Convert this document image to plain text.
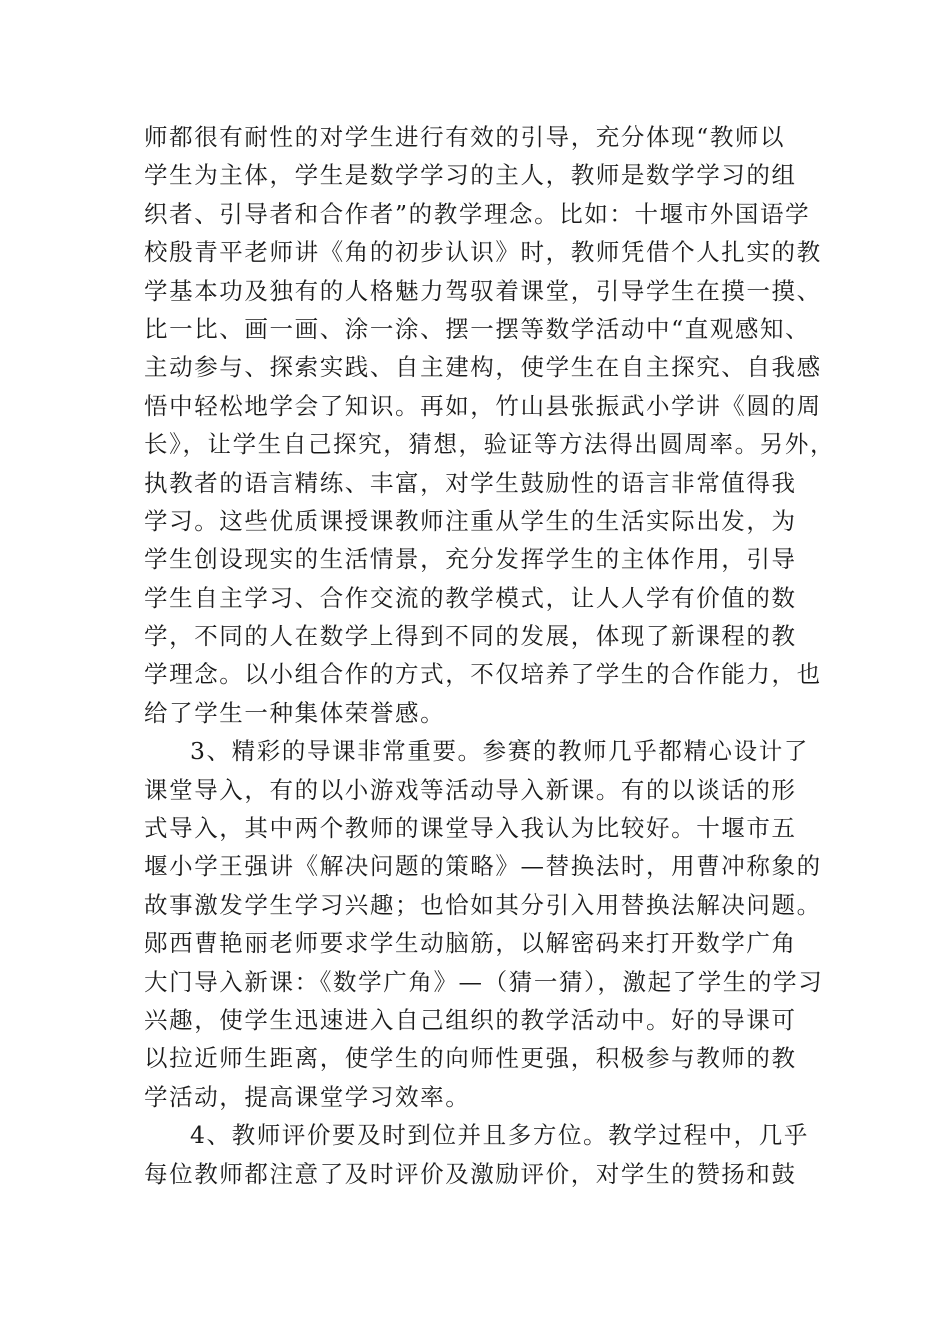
师都很有耐性的对学生进行有效的引导，充分体现“教师以
学生为主体，学生是数学学习的主人，教师是数学学习的组
织者、引导者和合作者”的教学理念。比如：十堰市外国语学
校殷青平老师讲《角的初步认识》时，教师凭借个人扎实的教
学基本功及独有的人格魅力驾驭着课堂，引导学生在摸一摸、
比一比、画一画、涂一涂、摆一摆等数学活动中“直观感知、
主动参与、探索实践、自主建构，使学生在自主探究、自我感
悟中轻松地学会了知识。再如，竹山县张振武小学讲《圆的周
长》，让学生自己探究，猜想，验证等方法得出圆周率。另外，
执教者的语言精练、丰富，对学生鼓励性的语言非常值得我
学习。这些优质课授课教师注重从学生的生活实际出发，为
学生创设现实的生活情景，充分发挥学生的主体作用，引导
学生自主学习、合作交流的教学模式，让人人学有价值的数
学，不同的人在数学上得到不同的发展，体现了新课程的教
学理念。以小组合作的方式，不仅培养了学生的合作能力，也
给了学生一种集体荣誉感。
3、精彩的导课非常重要。参赛的教师几乎都精心设计了
课堂导入，有的以小游戏等活动导入新课。有的以谈话的形
式导入，其中两个教师的课堂导入我认为比较好。十堰市五
堰小学王强讲《解决问题的策略》—替换法时，用曹冲称象的
故事激发学生学习兴趣；也恰如其分引入用替换法解决问题。
郧西曹艳丽老师要求学生动脑筋，以解密码来打开数学广角
大门导入新课：《数学广角》—（猜一猜），激起了学生的学习
兴趣，使学生迅速进入自己组织的教学活动中。好的导课可
以拉近师生距离，使学生的向师性更强，积极参与教师的教
学活动，提高课堂学习效率。
4、教师评价要及时到位并且多方位。教学过程中，几乎
每位教师都注意了及时评价及激励评价，对学生的赞扬和鼓
